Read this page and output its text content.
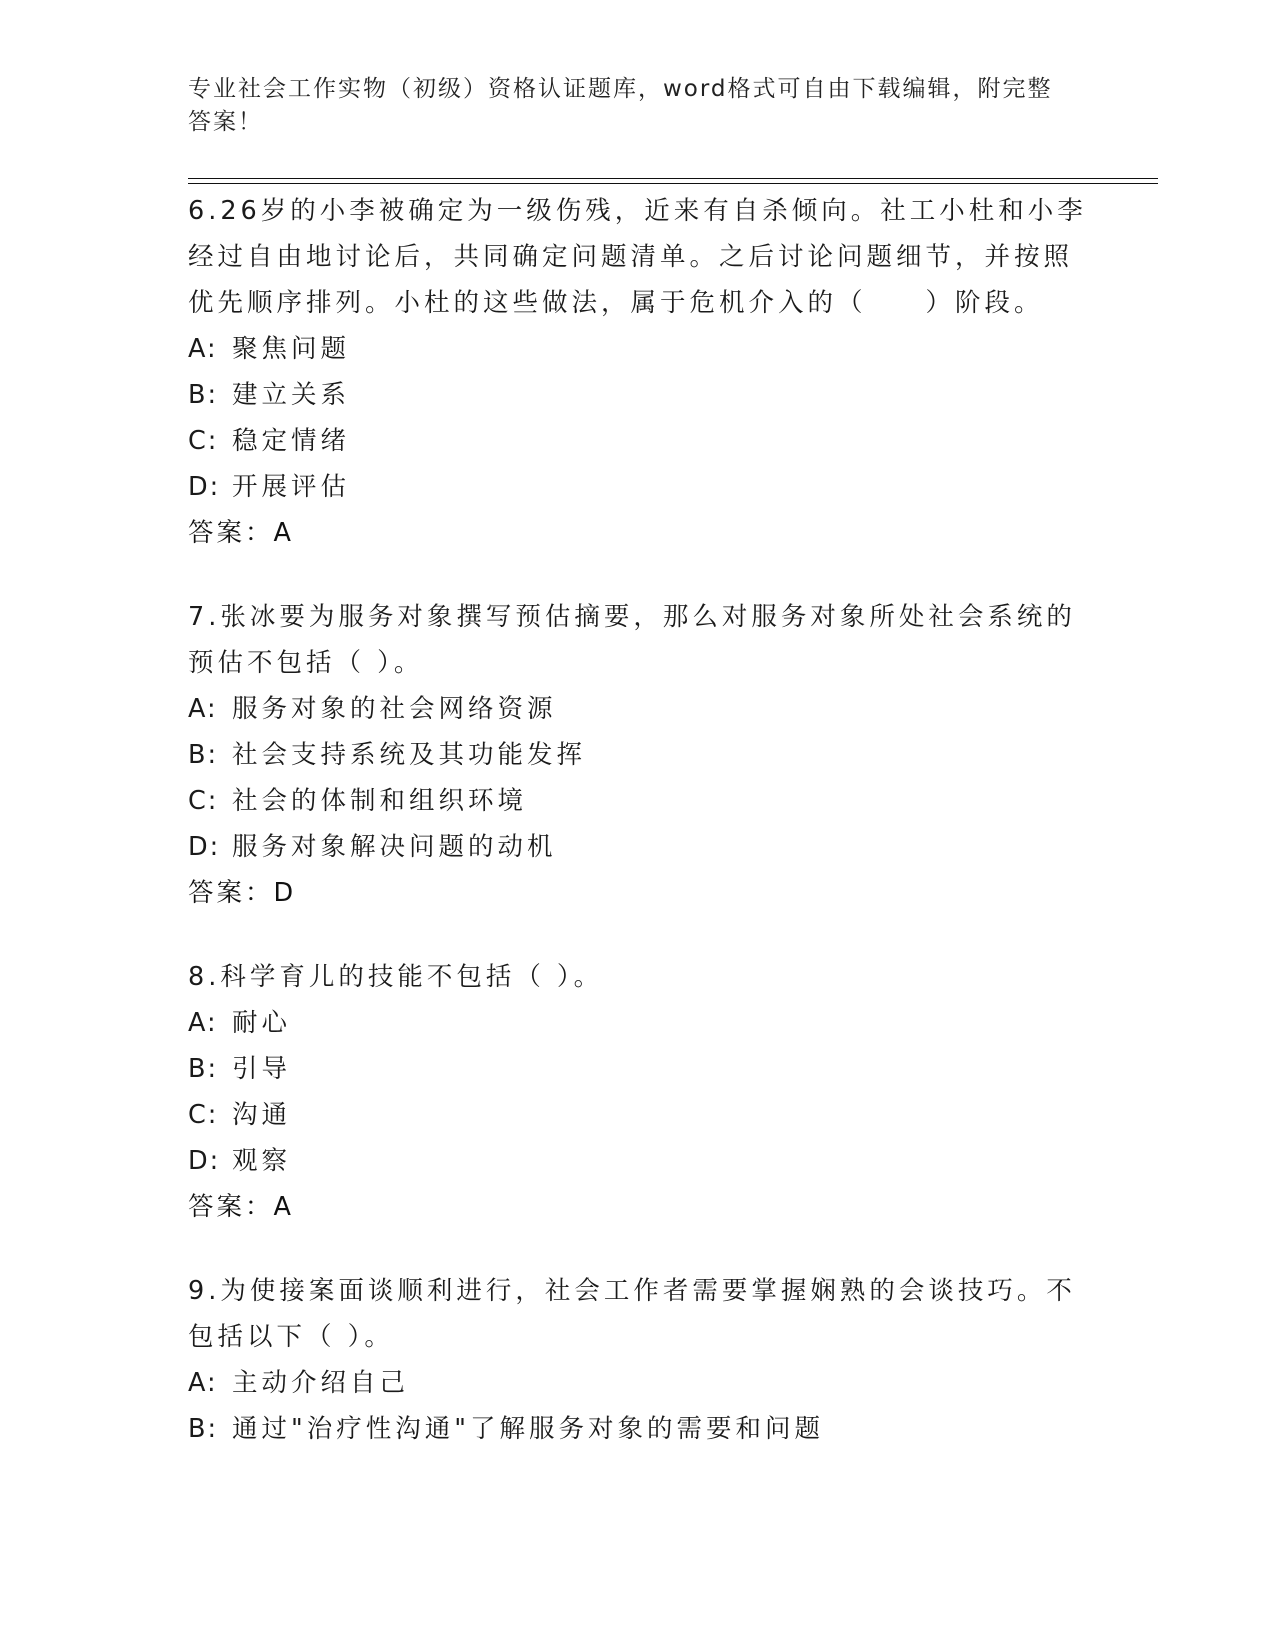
专业社会工作实物（初级）资格认证题库，word格式可自由下载编辑，附完整答案！
6.26岁的小李被确定为一级伤残，近来有自杀倾向。社工小杜和小李经过自由地讨论后，共同确定问题清单。之后讨论问题细节，并按照优先顺序排列。小杜的这些做法，属于危机介入的（　　）阶段。
A: 聚焦问题
B: 建立关系
C: 稳定情绪
D: 开展评估
答案：A
7.张冰要为服务对象撰写预估摘要，那么对服务对象所处社会系统的预估不包括（ ）。
A: 服务对象的社会网络资源
B: 社会支持系统及其功能发挥
C: 社会的体制和组织环境
D: 服务对象解决问题的动机
答案：D
8.科学育儿的技能不包括（ ）。
A: 耐心
B: 引导
C: 沟通
D: 观察
答案：A
9.为使接案面谈顺利进行，社会工作者需要掌握娴熟的会谈技巧。不包括以下（ ）。
A: 主动介绍自己
B: 通过"治疗性沟通"了解服务对象的需要和问题
